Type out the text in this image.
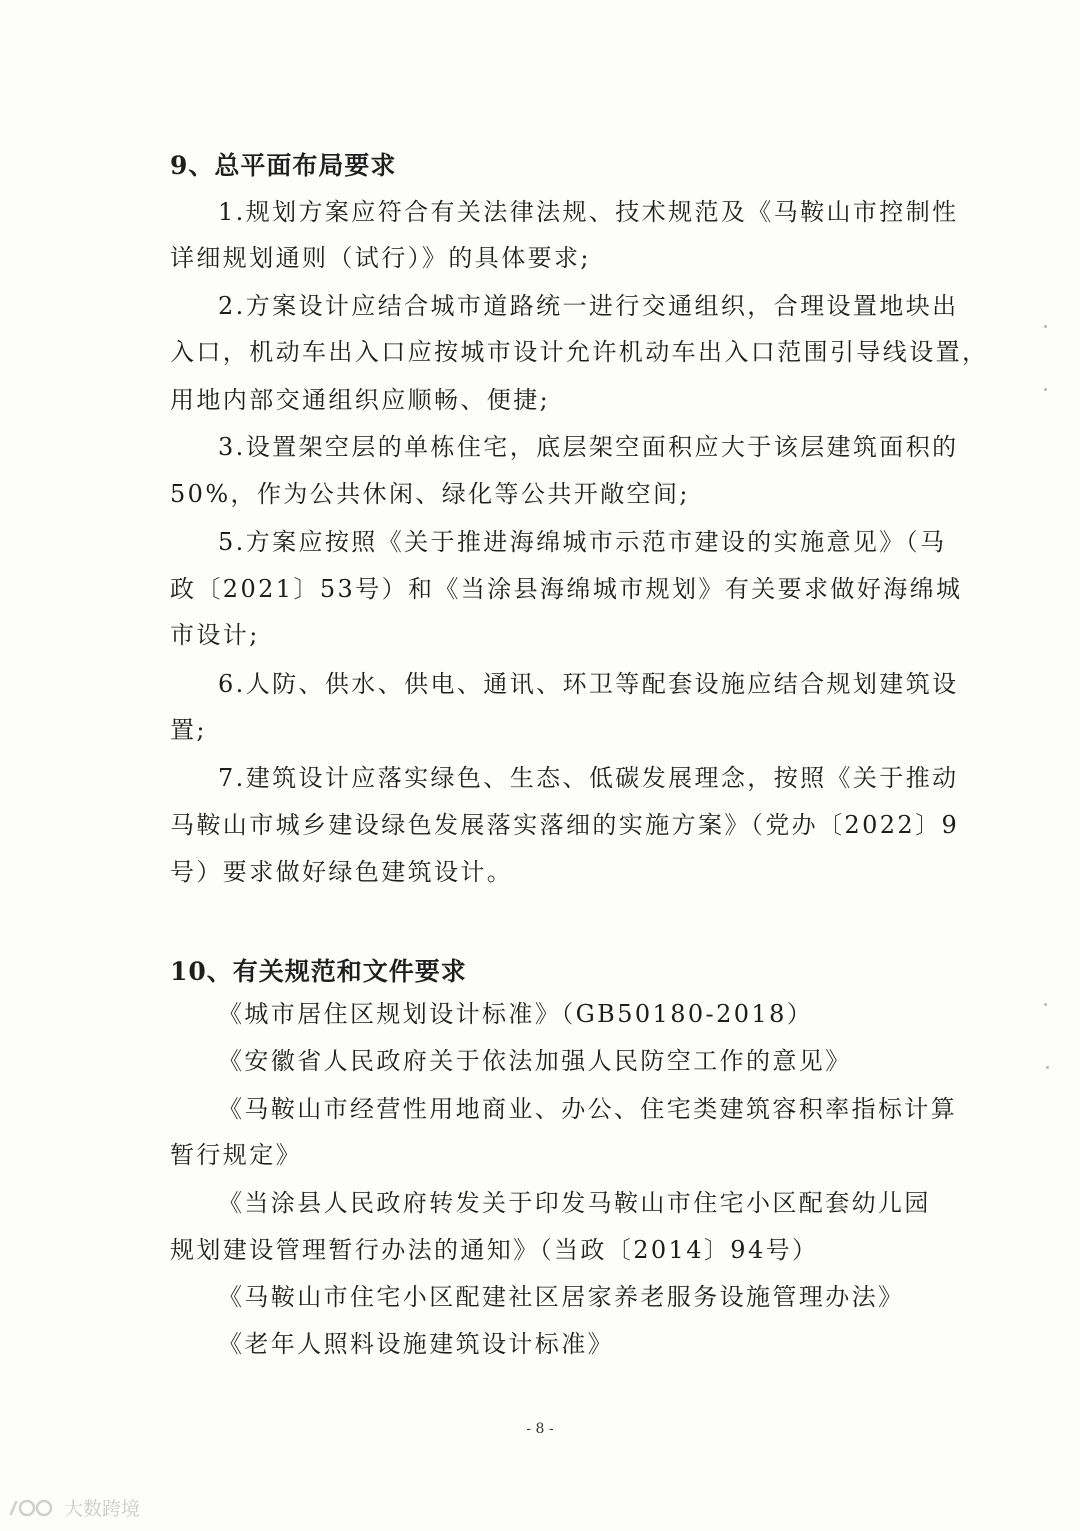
9、总平面布局要求
1.规划方案应符合有关法律法规、技术规范及《马鞍山市控制性
详细规划通则（试行）》的具体要求;
2.方案设计应结合城市道路统一进行交通组织，合理设置地块出
入口，机动车出入口应按城市设计允许机动车出入口范围引导线设置，
用地内部交通组织应顺畅、便捷;
3.设置架空层的单栋住宅，底层架空面积应大于该层建筑面积的
50%，作为公共休闲、绿化等公共开敞空间;
5.方案应按照《关于推进海绵城市示范市建设的实施意见》（马
政〔2021〕53号）和《当涂县海绵城市规划》有关要求做好海绵城
市设计;
6.人防、供水、供电、通讯、环卫等配套设施应结合规划建筑设
置;
7.建筑设计应落实绿色、生态、低碳发展理念，按照《关于推动
马鞍山市城乡建设绿色发展落实落细的实施方案》（党办〔2022〕9
号）要求做好绿色建筑设计。
10、有关规范和文件要求
《城市居住区规划设计标准》（GB50180-2018）
《安徽省人民政府关于依法加强人民防空工作的意见》
《马鞍山市经营性用地商业、办公、住宅类建筑容积率指标计算
暂行规定》
《当涂县人民政府转发关于印发马鞍山市住宅小区配套幼儿园
规划建设管理暂行办法的通知》（当政〔2014〕94号）
《马鞍山市住宅小区配建社区居家养老服务设施管理办法》
《老年人照料设施建筑设计标准》
- 8 -
大数跨境
